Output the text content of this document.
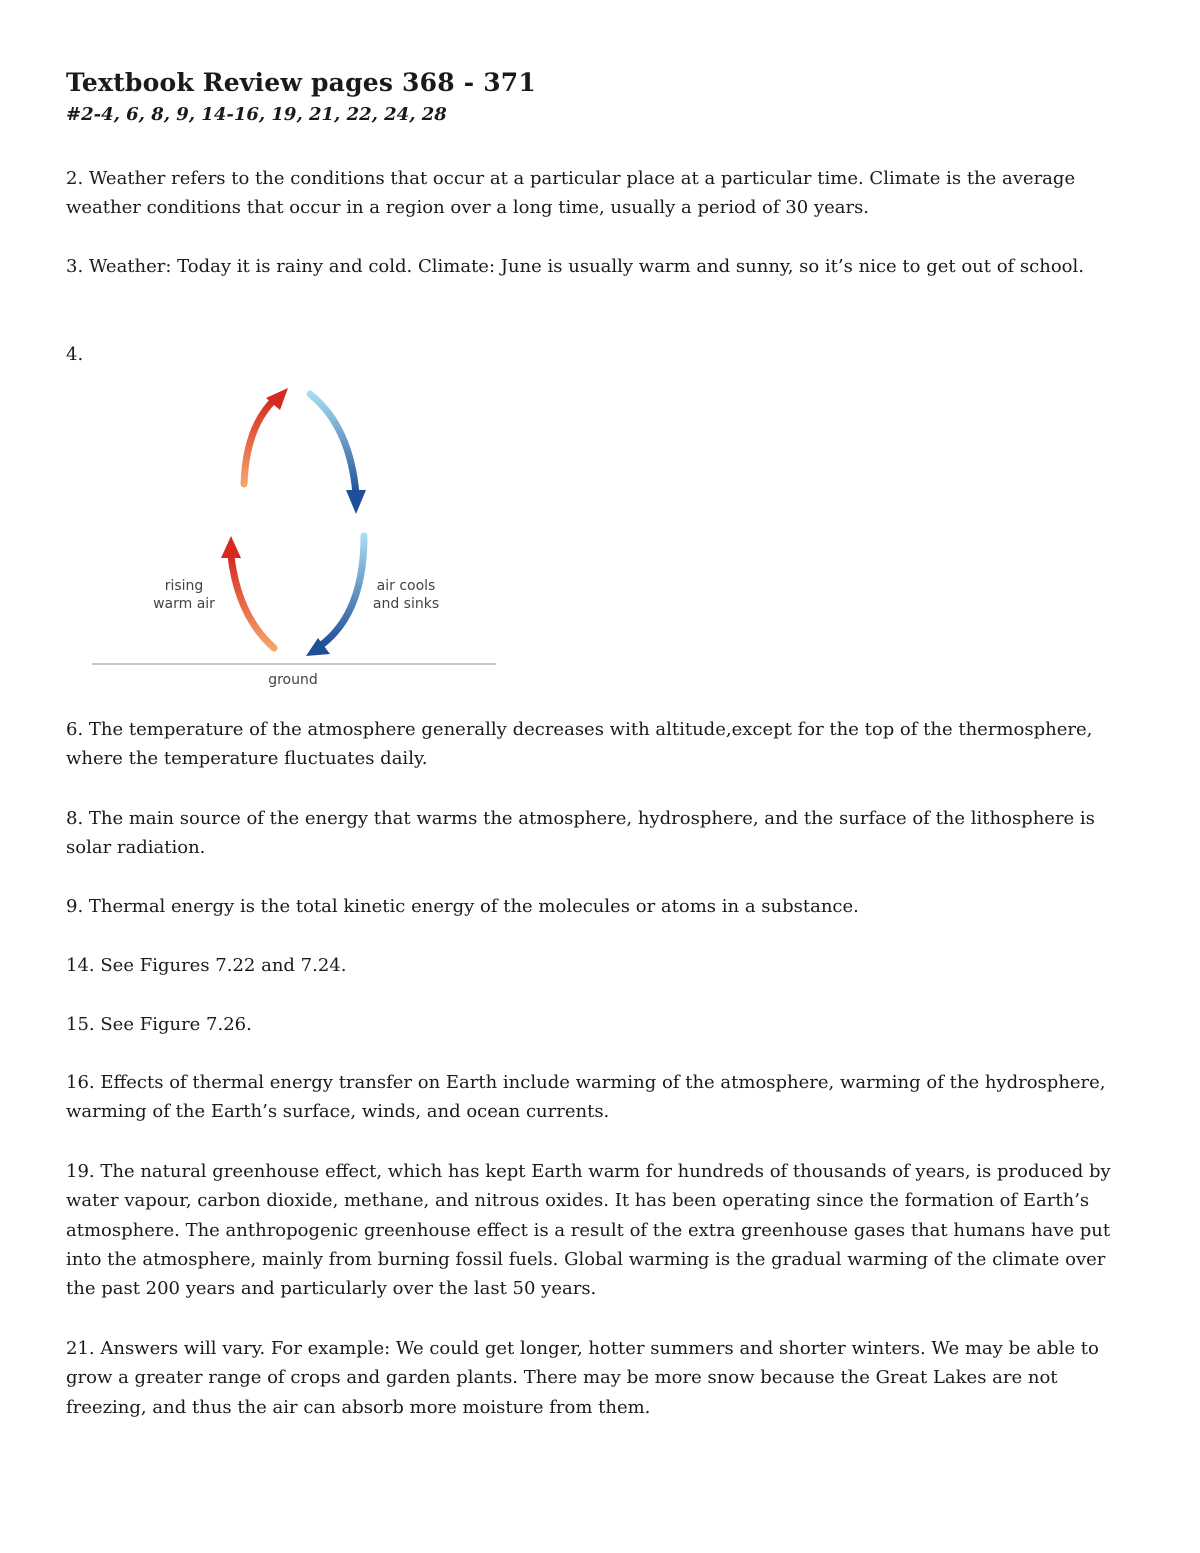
Textbook Review pages 368 - 371
#2-4, 6, 8, 9, 14-16, 19, 21, 22, 24, 28

2. Weather refers to the conditions that occur at a particular place at a particular time. Climate is the average weather conditions that occur in a region over a long time, usually a period of 30 years.

3. Weather: Today it is rainy and cold. Climate: June is usually warm and sunny, so it’s nice to get out of school.

4.

rising
warm air
air cools
and sinks
ground

6. The temperature of the atmosphere generally decreases with altitude,except for the top of the thermosphere, where the temperature fluctuates daily.

8. The main source of the energy that warms the atmosphere, hydrosphere, and the surface of the lithosphere is solar radiation.

9. Thermal energy is the total kinetic energy of the molecules or atoms in a substance.

14. See Figures 7.22 and 7.24.

15. See Figure 7.26.

16. Effects of thermal energy transfer on Earth include warming of the atmosphere, warming of the hydrosphere, warming of the Earth’s surface, winds, and ocean currents.

19. The natural greenhouse effect, which has kept Earth warm for hundreds of thousands of years, is produced by water vapour, carbon dioxide, methane, and nitrous oxides. It has been operating since the formation of Earth’s atmosphere. The anthropogenic greenhouse effect is a result of the extra greenhouse gases that humans have put into the atmosphere, mainly from burning fossil fuels. Global warming is the gradual warming of the climate over the past 200 years and particularly over the last 50 years.

21. Answers will vary. For example: We could get longer, hotter summers and shorter winters. We may be able to grow a greater range of crops and garden plants. There may be more snow because the Great Lakes are not freezing, and thus the air can absorb more moisture from them.
